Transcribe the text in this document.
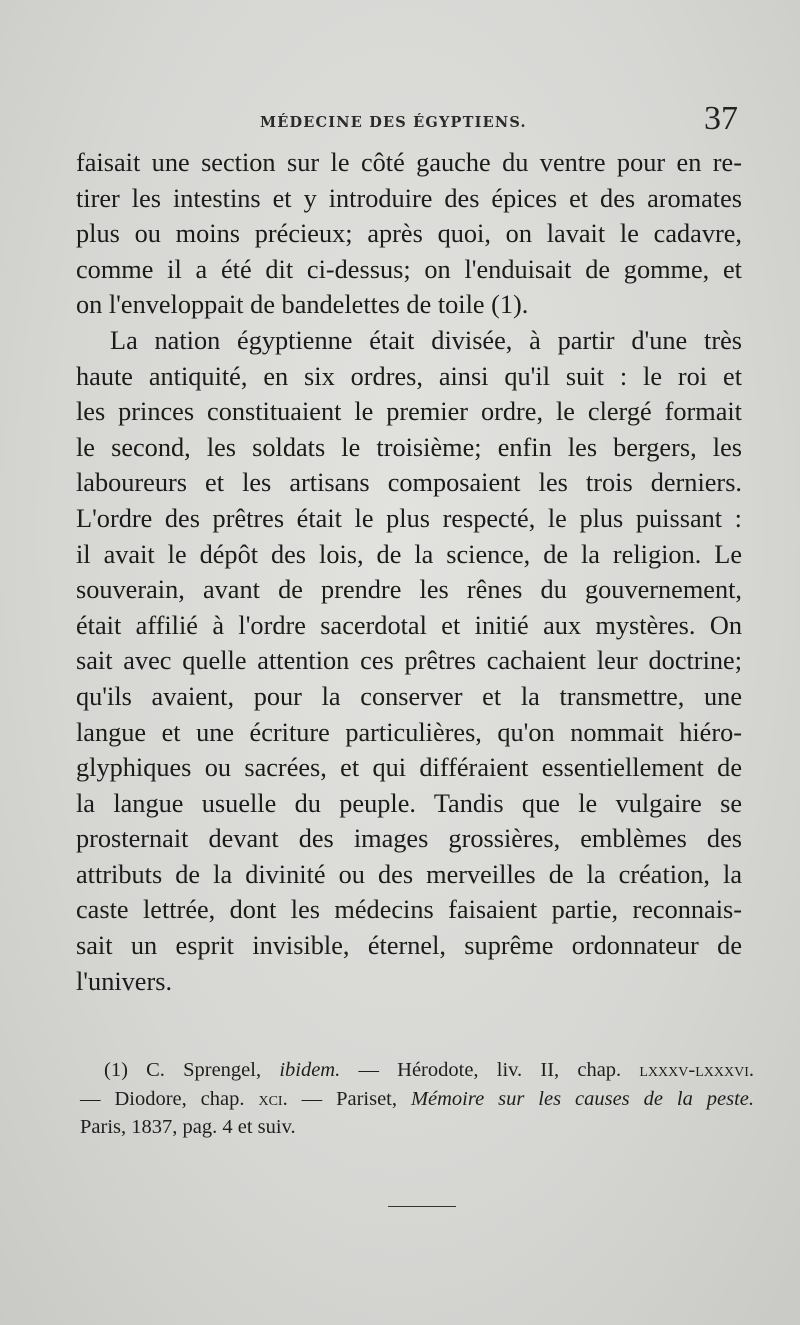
MÉDECINE DES ÉGYPTIENS.	37
faisait une section sur le côté gauche du ventre pour en re-
tirer les intestins et y introduire des épices et des aromates
plus ou moins précieux; après quoi, on lavait le cadavre,
comme il a été dit ci-dessus; on l'enduisait de gomme, et
on l'enveloppait de bandelettes de toile (1).
La nation égyptienne était divisée, à partir d'une très
haute antiquité, en six ordres, ainsi qu'il suit : le roi et
les princes constituaient le premier ordre, le clergé formait
le second, les soldats le troisième; enfin les bergers, les
laboureurs et les artisans composaient les trois derniers.
L'ordre des prêtres était le plus respecté, le plus puissant :
il avait le dépôt des lois, de la science, de la religion. Le
souverain, avant de prendre les rênes du gouvernement,
était affilié à l'ordre sacerdotal et initié aux mystères. On
sait avec quelle attention ces prêtres cachaient leur doctrine;
qu'ils avaient, pour la conserver et la transmettre, une
langue et une écriture particulières, qu'on nommait hiéro-
glyphiques ou sacrées, et qui différaient essentiellement de
la langue usuelle du peuple. Tandis que le vulgaire se
prosternait devant des images grossières, emblèmes des
attributs de la divinité ou des merveilles de la création, la
caste lettrée, dont les médecins faisaient partie, reconnais-
sait un esprit invisible, éternel, suprême ordonnateur de
l'univers.
(1) C. Sprengel, ibidem. — Hérodote, liv. II, chap. lxxxv-lxxxvi.
— Diodore, chap. xci. — Pariset, Mémoire sur les causes de la peste.
Paris, 1837, pag. 4 et suiv.
